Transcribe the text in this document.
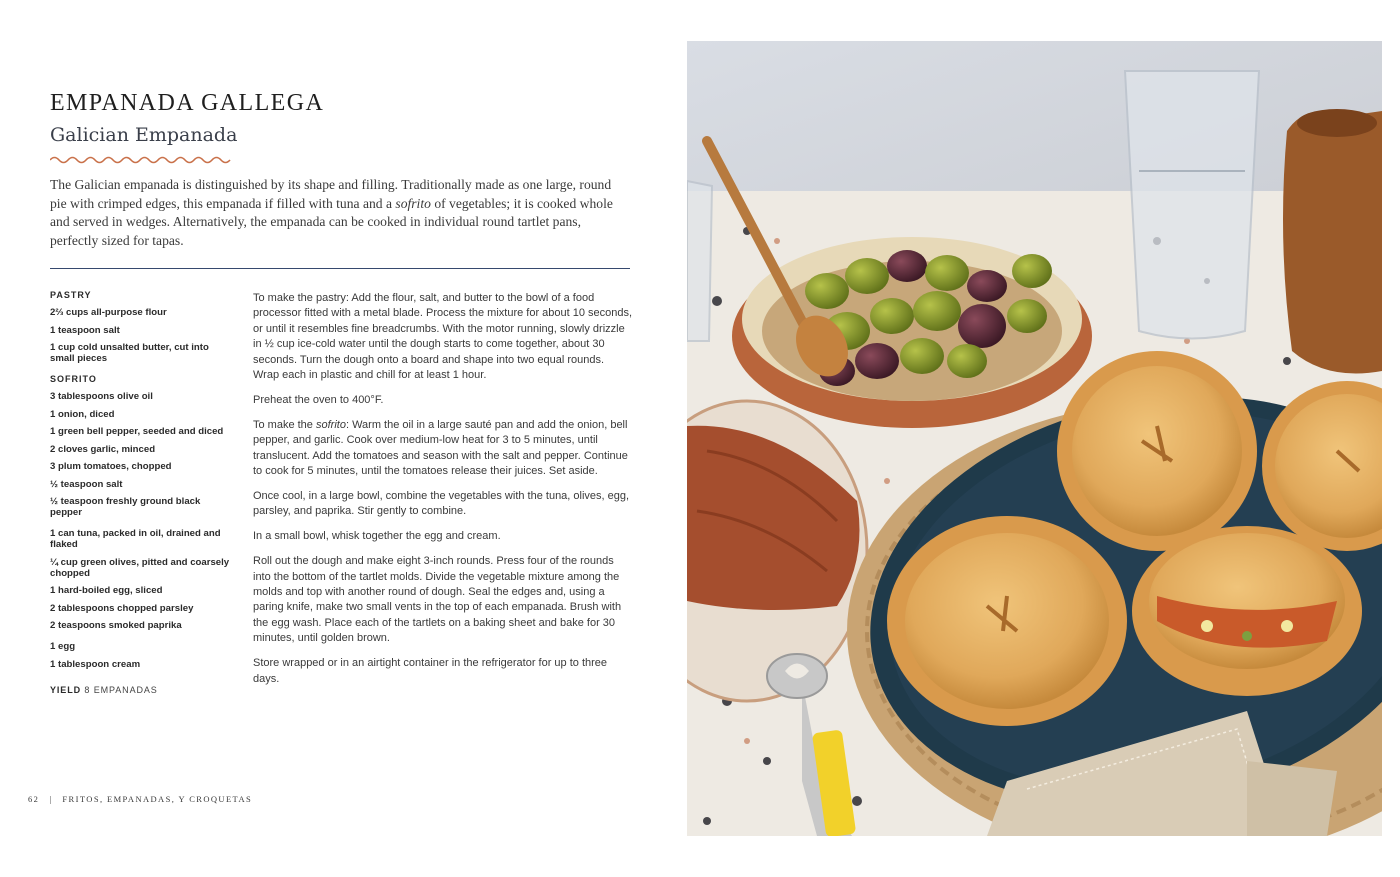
EMPANADA GALLEGA
Galician Empanada

The Galician empanada is distinguished by its shape and filling. Traditionally made as one large, round pie with crimped edges, this empanada if filled with tuna and a sofrito of vegetables; it is cooked whole and served in wedges. Alternatively, the empanada can be cooked in individual round tartlet pans, perfectly sized for tapas.

PASTRY
2⅔ cups all-purpose flour
1 teaspoon salt
1 cup cold unsalted butter, cut into small pieces
SOFRITO
3 tablespoons olive oil
1 onion, diced
1 green bell pepper, seeded and diced
2 cloves garlic, minced
3 plum tomatoes, chopped
½ teaspoon salt
½ teaspoon freshly ground black pepper
1 can tuna, packed in oil, drained and flaked
¼ cup green olives, pitted and coarsely chopped
1 hard-boiled egg, sliced
2 tablespoons chopped parsley
2 teaspoons smoked paprika
1 egg
1 tablespoon cream
YIELD 8 EMPANADAS

To make the pastry: Add the flour, salt, and butter to the bowl of a food processor fitted with a metal blade. Process the mixture for about 10 seconds, or until it resembles fine breadcrumbs. With the motor running, slowly drizzle in ½ cup ice-cold water until the dough starts to come together, about 30 seconds. Turn the dough onto a board and shape into two equal rounds. Wrap each in plastic and chill for at least 1 hour.

Preheat the oven to 400°F.

To make the sofrito: Warm the oil in a large sauté pan and add the onion, bell pepper, and garlic. Cook over medium-low heat for 3 to 5 minutes, until translucent. Add the tomatoes and season with the salt and pepper. Continue to cook for 5 minutes, until the tomatoes release their juices. Set aside.

Once cool, in a large bowl, combine the vegetables with the tuna, olives, egg, parsley, and paprika. Stir gently to combine.

In a small bowl, whisk together the egg and cream.

Roll out the dough and make eight 3-inch rounds. Press four of the rounds into the bottom of the tartlet molds. Divide the vegetable mixture among the molds and top with another round of dough. Seal the edges and, using a paring knife, make two small vents in the top of each empanada. Brush with the egg wash. Place each of the tartlets on a baking sheet and bake for 30 minutes, until golden brown.

Store wrapped or in an airtight container in the refrigerator for up to three days.

62 | FRITOS, EMPANADAS, Y CROQUETAS
